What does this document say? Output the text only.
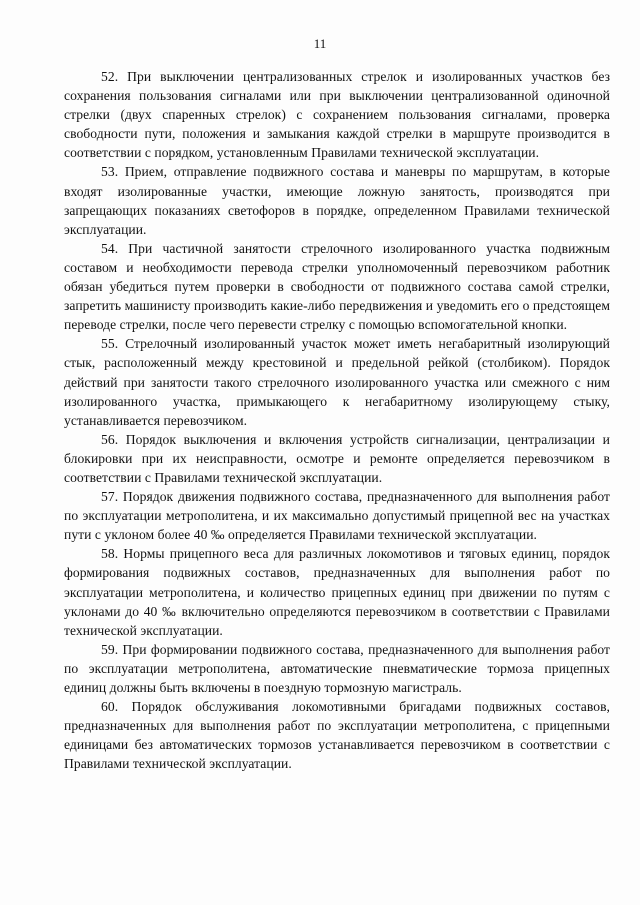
11

52. При выключении централизованных стрелок и изолированных участков без сохранения пользования сигналами или при выключении централизованной одиночной стрелки (двух спаренных стрелок) с сохранением пользования сигналами, проверка свободности пути, положения и замыкания каждой стрелки в маршруте производится в соответствии с порядком, установленным Правилами технической эксплуатации.

53. Прием, отправление подвижного состава и маневры по маршрутам, в которые входят изолированные участки, имеющие ложную занятость, производятся при запрещающих показаниях светофоров в порядке, определенном Правилами технической эксплуатации.

54. При частичной занятости стрелочного изолированного участка подвижным составом и необходимости перевода стрелки уполномоченный перевозчиком работник обязан убедиться путем проверки в свободности от подвижного состава самой стрелки, запретить машинисту производить какие-либо передвижения и уведомить его о предстоящем переводе стрелки, после чего перевести стрелку с помощью вспомогательной кнопки.

55. Стрелочный изолированный участок может иметь негабаритный изолирующий стык, расположенный между крестовиной и предельной рейкой (столбиком). Порядок действий при занятости такого стрелочного изолированного участка или смежного с ним изолированного участка, примыкающего к негабаритному изолирующему стыку, устанавливается перевозчиком.

56. Порядок выключения и включения устройств сигнализации, централизации и блокировки при их неисправности, осмотре и ремонте определяется перевозчиком в соответствии с Правилами технической эксплуатации.

57. Порядок движения подвижного состава, предназначенного для выполнения работ по эксплуатации метрополитена, и их максимально допустимый прицепной вес на участках пути с уклоном более 40 ‰ определяется Правилами технической эксплуатации.

58. Нормы прицепного веса для различных локомотивов и тяговых единиц, порядок формирования подвижных составов, предназначенных для выполнения работ по эксплуатации метрополитена, и количество прицепных единиц при движении по путям с уклонами до 40 ‰ включительно определяются перевозчиком в соответствии с Правилами технической эксплуатации.

59. При формировании подвижного состава, предназначенного для выполнения работ по эксплуатации метрополитена, автоматические пневматические тормоза прицепных единиц должны быть включены в поездную тормозную магистраль.

60. Порядок обслуживания локомотивными бригадами подвижных составов, предназначенных для выполнения работ по эксплуатации метрополитена, с прицепными единицами без автоматических тормозов устанавливается перевозчиком в соответствии с Правилами технической эксплуатации.
